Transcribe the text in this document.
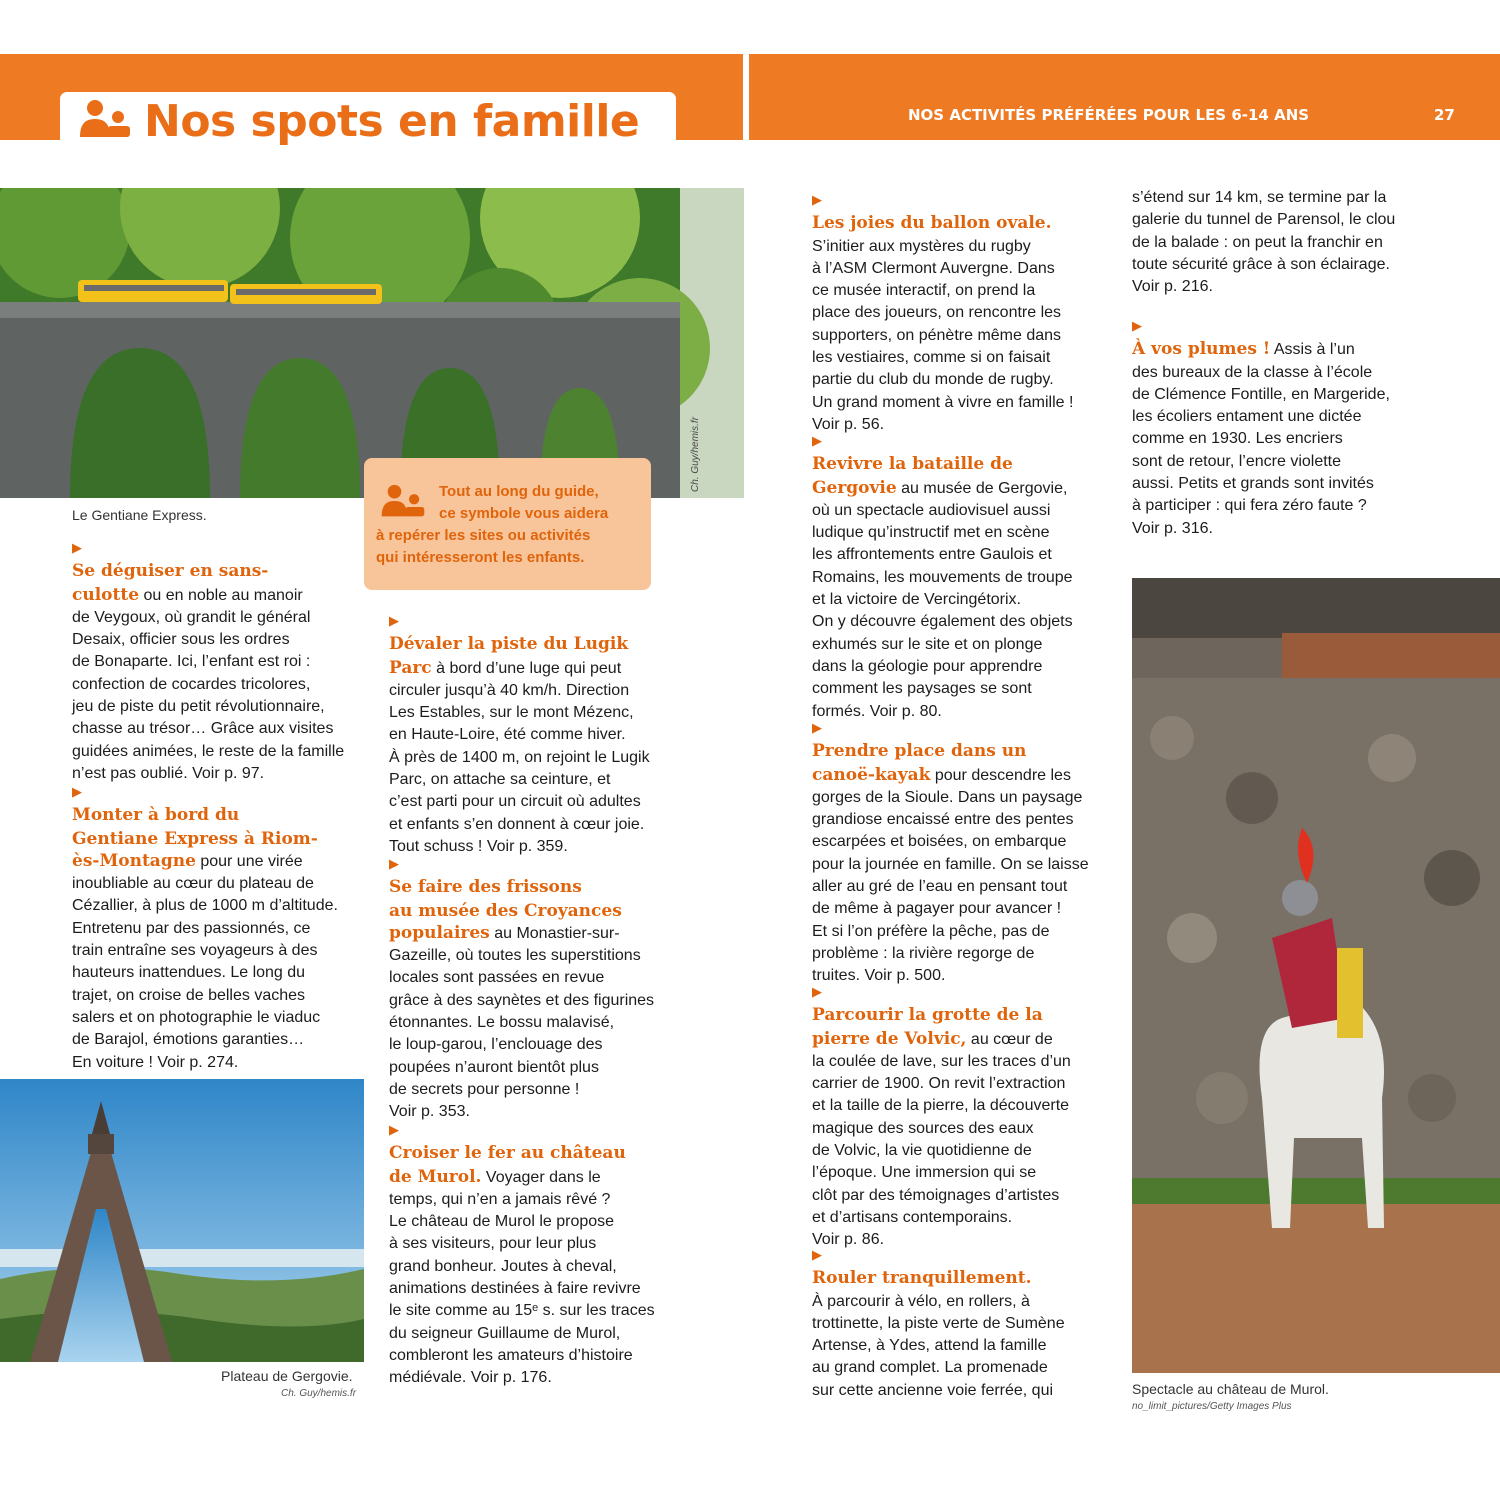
Nos spots en famille	NOS ACTIVITÉS PRÉFÉRÉES POUR LES 6-14 ANS	27
Ch. Guy/hemis.fr
Le Gentiane Express.
Tout au long du guide,
ce symbole vous aidera
à repérer les sites ou activités
qui intéresseront les enfants.
Plateau de Gergovie.
Ch. Guy/hemis.fr	Spectacle au château de Murol.
no_limit_pictures/Getty Images Plus

▶
Se déguiser en sans-
culotte ou en noble au manoir
de Veygoux, où grandit le général
Desaix, officier sous les ordres
de Bonaparte. Ici, l’enfant est roi :
confection de cocardes tricolores,
jeu de piste du petit révolutionnaire,
chasse au trésor… Grâce aux visites
guidées animées, le reste de la famille
n’est pas oublié. Voir p. 97.

▶
Monter à bord du
Gentiane Express à Riom-
ès-Montagne pour une virée
inoubliable au cœur du plateau de
Cézallier, à plus de 1000 m d’altitude.
Entretenu par des passionnés, ce
train entraîne ses voyageurs à des
hauteurs inattendues. Le long du
trajet, on croise de belles vaches
salers et on photographie le viaduc
de Barajol, émotions garanties…
En voiture ! Voir p. 274.

▶
Dévaler la piste du Lugik
Parc à bord d’une luge qui peut
circuler jusqu’à 40 km/h. Direction
Les Estables, sur le mont Mézenc,
en Haute-Loire, été comme hiver.
À près de 1400 m, on rejoint le Lugik
Parc, on attache sa ceinture, et
c’est parti pour un circuit où adultes
et enfants s’en donnent à cœur joie.
Tout schuss ! Voir p. 359.

▶
Se faire des frissons
au musée des Croyances
populaires au Monastier-sur-
Gazeille, où toutes les superstitions
locales sont passées en revue
grâce à des saynètes et des figurines
étonnantes. Le bossu malavisé,
le loup-garou, l’enclouage des
poupées n’auront bientôt plus
de secrets pour personne !
Voir p. 353.

▶
Croiser le fer au château
de Murol. Voyager dans le
temps, qui n’en a jamais rêvé ?
Le château de Murol le propose
à ses visiteurs, pour leur plus
grand bonheur. Joutes à cheval,
animations destinées à faire revivre
le site comme au 15ᵉ s. sur les traces
du seigneur Guillaume de Murol,
combleront les amateurs d’histoire
médiévale. Voir p. 176.

▶
Les joies du ballon ovale.
S’initier aux mystères du rugby
à l’ASM Clermont Auvergne. Dans
ce musée interactif, on prend la
place des joueurs, on rencontre les
supporters, on pénètre même dans
les vestiaires, comme si on faisait
partie du club du monde de rugby.
Un grand moment à vivre en famille !
Voir p. 56.

▶
Revivre la bataille de
Gergovie au musée de Gergovie,
où un spectacle audiovisuel aussi
ludique qu’instructif met en scène
les affrontements entre Gaulois et
Romains, les mouvements de troupe
et la victoire de Vercingétorix.
On y découvre également des objets
exhumés sur le site et on plonge
dans la géologie pour apprendre
comment les paysages se sont
formés. Voir p. 80.

▶
Prendre place dans un
canoë-kayak pour descendre les
gorges de la Sioule. Dans un paysage
grandiose encaissé entre des pentes
escarpées et boisées, on embarque
pour la journée en famille. On se laisse
aller au gré de l’eau en pensant tout
de même à pagayer pour avancer !
Et si l’on préfère la pêche, pas de
problème : la rivière regorge de
truites. Voir p. 500.

▶
Parcourir la grotte de la
pierre de Volvic, au cœur de
la coulée de lave, sur les traces d’un
carrier de 1900. On revit l’extraction
et la taille de la pierre, la découverte
magique des sources des eaux
de Volvic, la vie quotidienne de
l’époque. Une immersion qui se
clôt par des témoignages d’artistes
et d’artisans contemporains.
Voir p. 86.

▶
Rouler tranquillement.
À parcourir à vélo, en rollers, à
trottinette, la piste verte de Sumène
Artense, à Ydes, attend la famille
au grand complet. La promenade
sur cette ancienne voie ferrée, qui

s’étend sur 14 km, se termine par la
galerie du tunnel de Parensol, le clou
de la balade : on peut la franchir en
toute sécurité grâce à son éclairage.
Voir p. 216.

▶
À vos plumes ! Assis à l’un
des bureaux de la classe à l’école
de Clémence Fontille, en Margeride,
les écoliers entament une dictée
comme en 1930. Les encriers
sont de retour, l’encre violette
aussi. Petits et grands sont invités
à participer : qui fera zéro faute ?
Voir p. 316.
